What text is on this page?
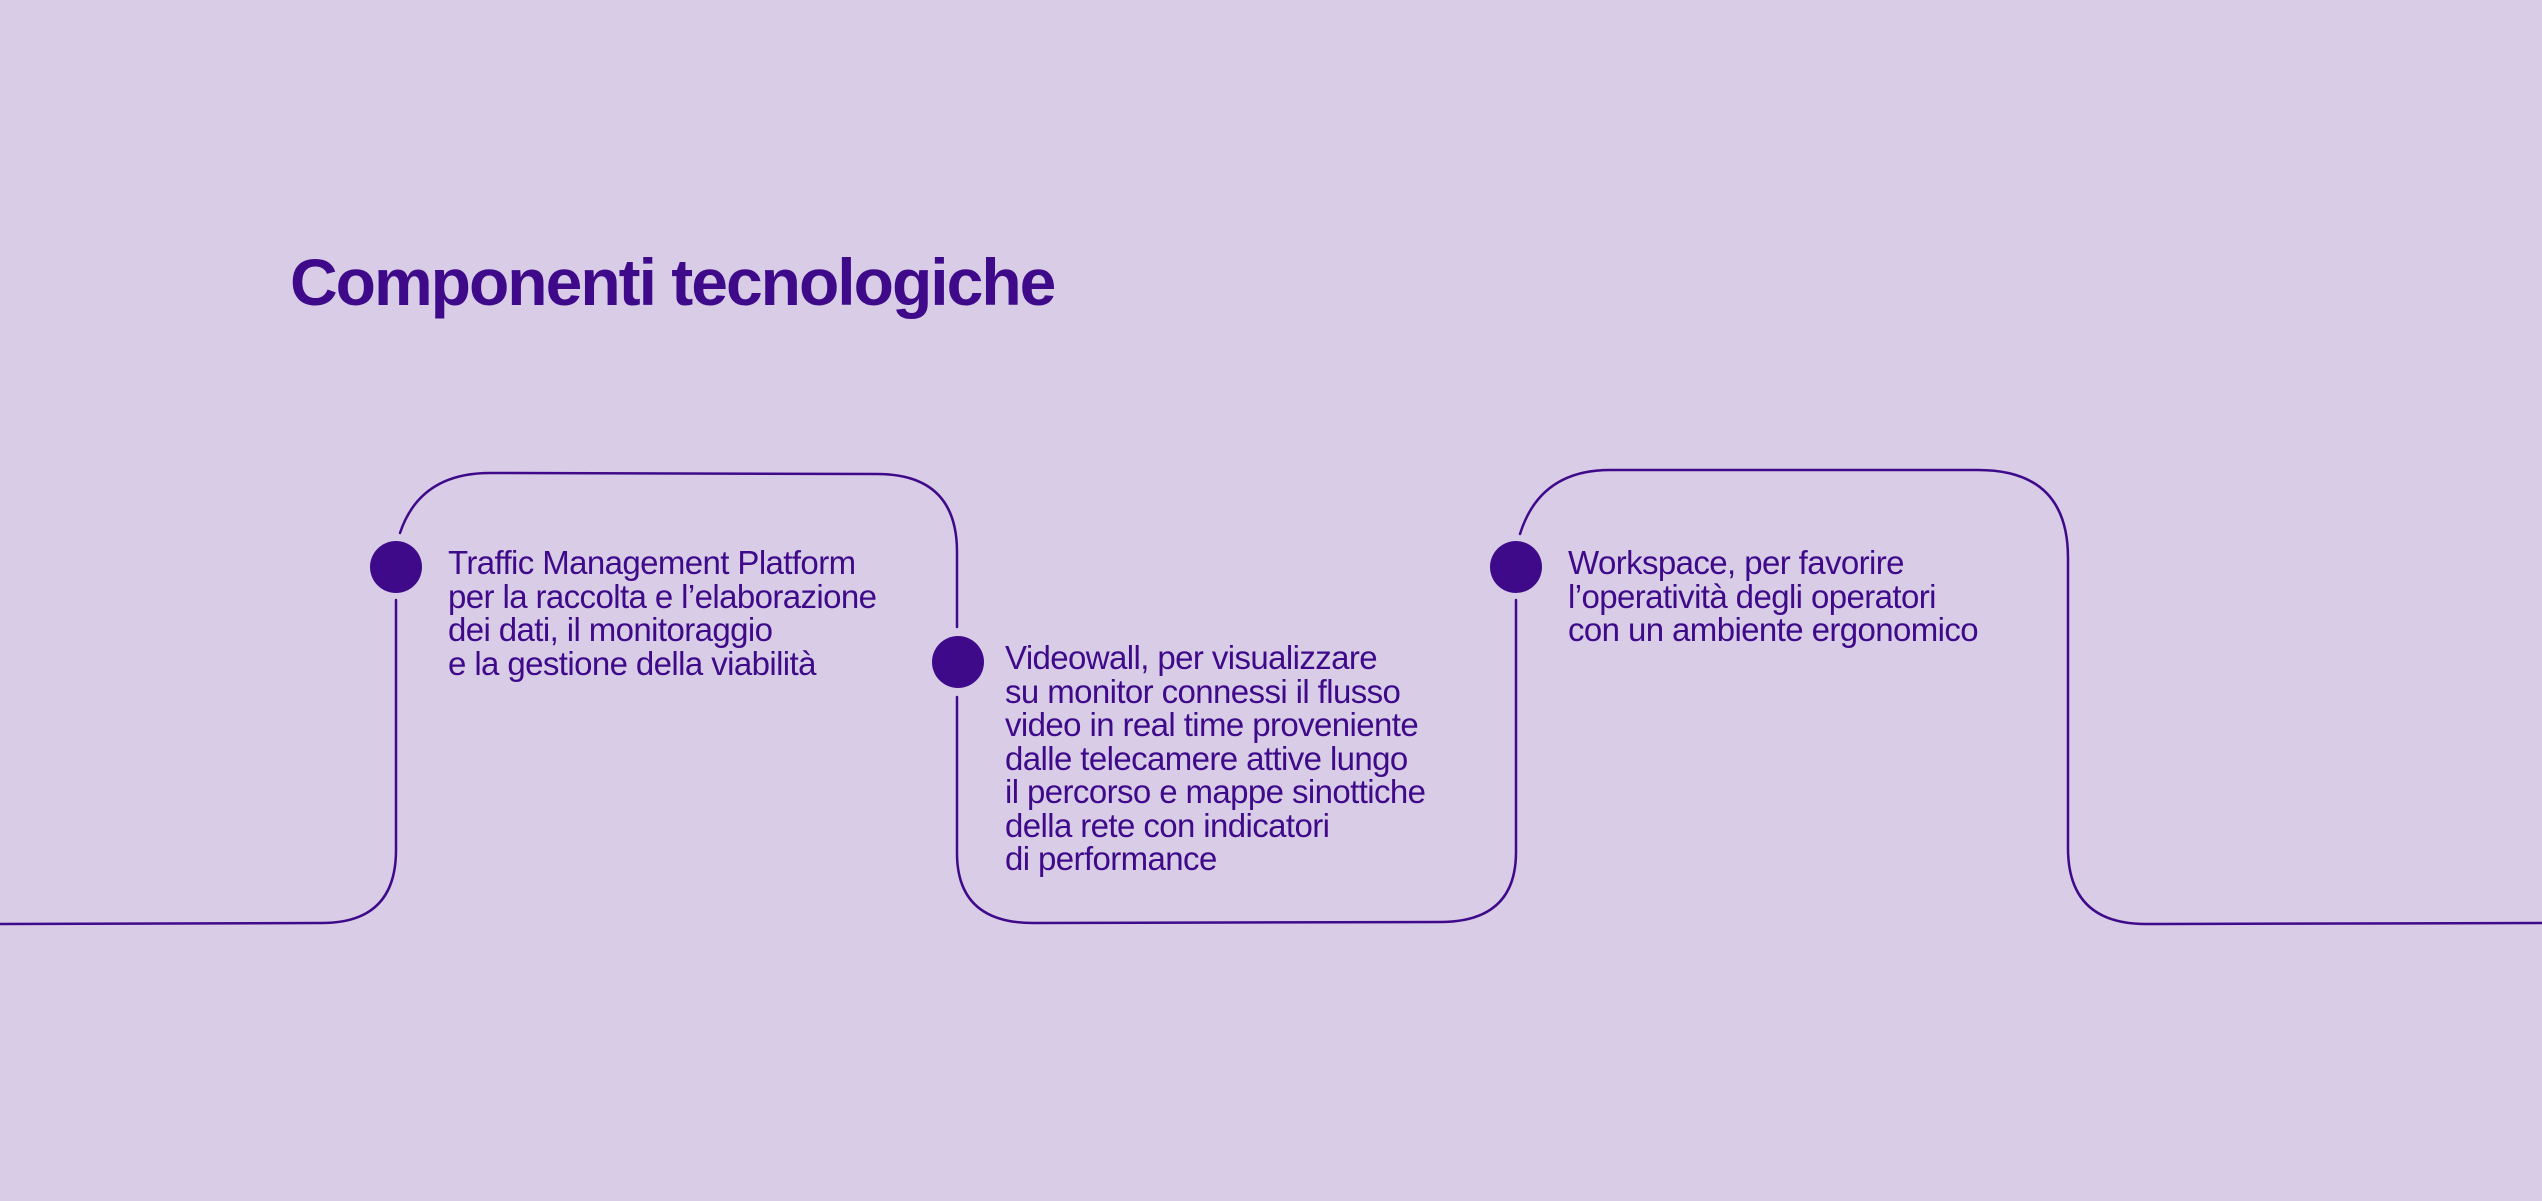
Componenti tecnologiche

Traffic Management Platform
per la raccolta e l’elaborazione
dei dati, il monitoraggio
e la gestione della viabilità	Videowall, per visualizzare
su monitor connessi il flusso
video in real time proveniente
dalle telecamere attive lungo
il percorso e mappe sinottiche
della rete con indicatori
di performance

Workspace, per favorire
l’operatività degli operatori
con un ambiente ergonomico
